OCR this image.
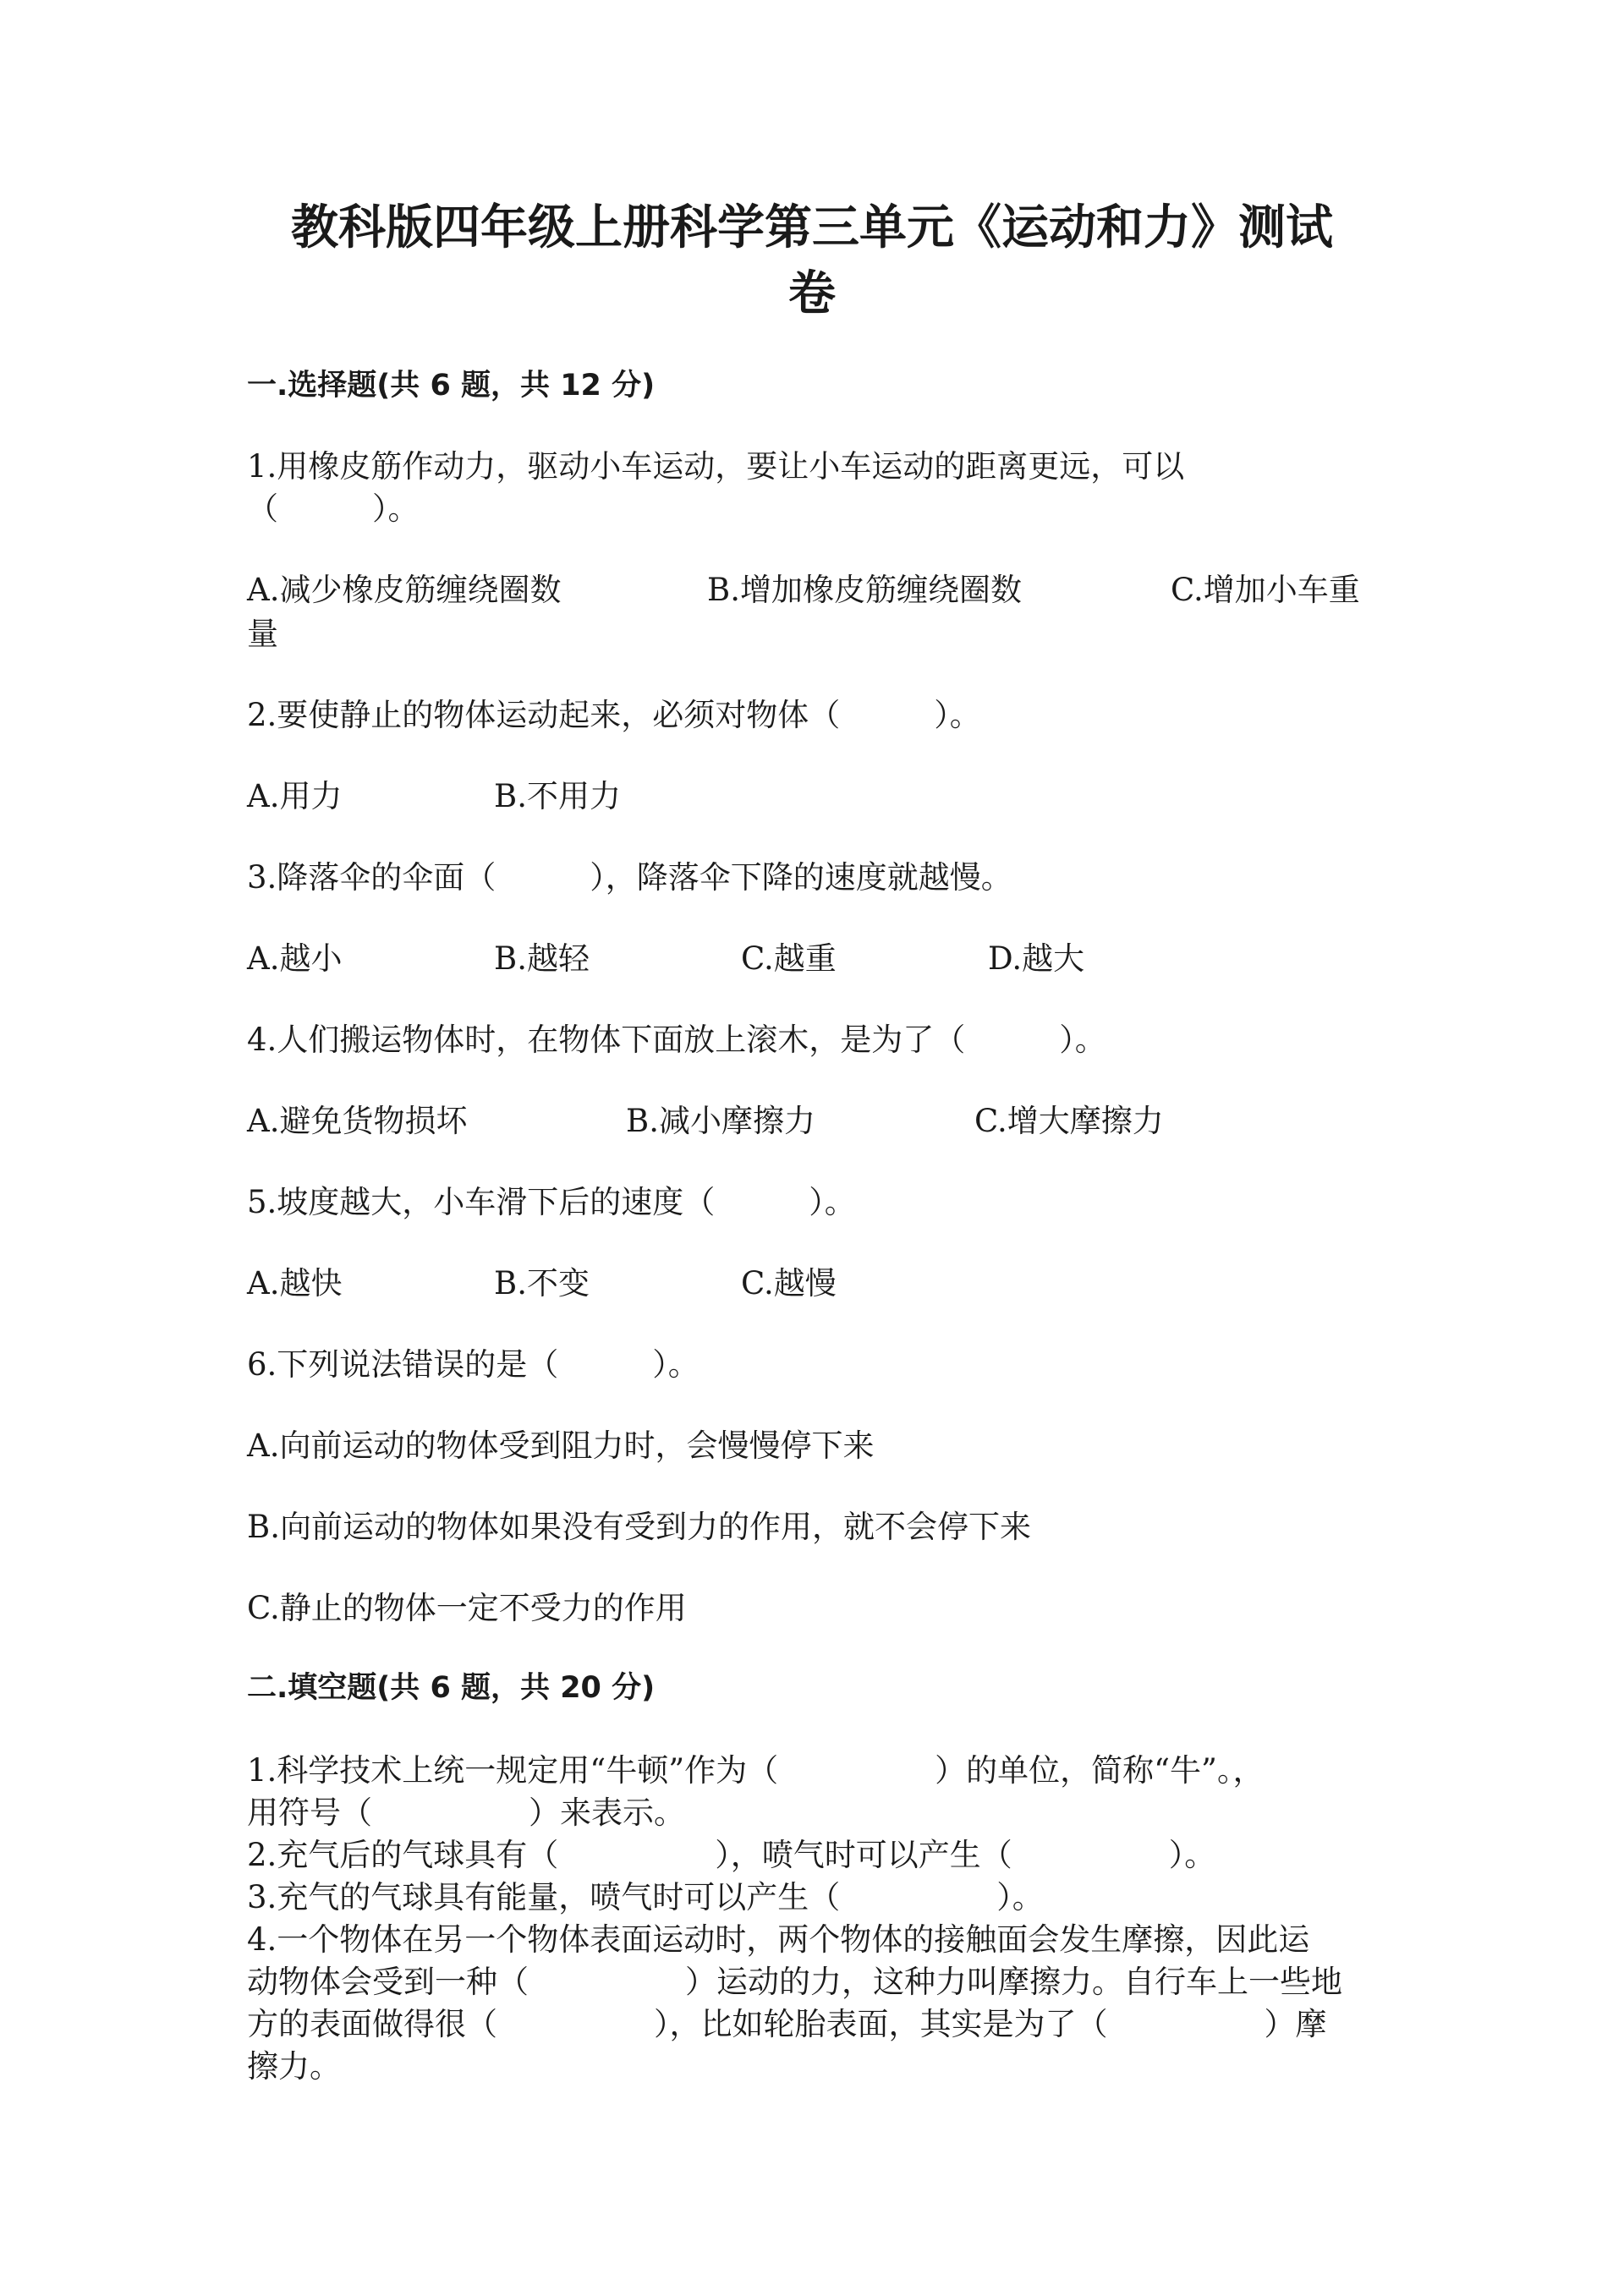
教科版四年级上册科学第三单元《运动和力》测试
卷
一.选择题(共 6 题，共 12 分)

1.用橡皮筋作动力，驱动小车运动，要让小车运动的距离更远，可以

（　　　）。

A.减少橡皮筋缠绕圈数	B.增加橡皮筋缠绕圈数	C.增加小车重
量

2.要使静止的物体运动起来，必须对物体（　　　）。

A.用力	B.不用力

3.降落伞的伞面（　　　），降落伞下降的速度就越慢。

A.越小	B.越轻	C.越重	D.越大

4.人们搬运物体时，在物体下面放上滚木，是为了（　　　）。

A.避免货物损坏	B.减小摩擦力	C.增大摩擦力

5.坡度越大，小车滑下后的速度（　　　）。

A.越快	B.不变	C.越慢

6.下列说法错误的是（　　　）。

A.向前运动的物体受到阻力时，会慢慢停下来

B.向前运动的物体如果没有受到力的作用，就不会停下来

C.静止的物体一定不受力的作用

二.填空题(共 6 题，共 20 分)

1.科学技术上统一规定用“牛顿”作为（　　　　　）的单位，简称“牛”。，

用符号（　　　　　）来表示。

2.充气后的气球具有（　　　　　），喷气时可以产生（　　　　　）。

3.充气的气球具有能量，喷气时可以产生（　　　　　）。

4.一个物体在另一个物体表面运动时，两个物体的接触面会发生摩擦，因此运

动物体会受到一种（　　　　　）运动的力，这种力叫摩擦力。自行车上一些地

方的表面做得很（　　　　　），比如轮胎表面，其实是为了（　　　　　）摩

擦力。
